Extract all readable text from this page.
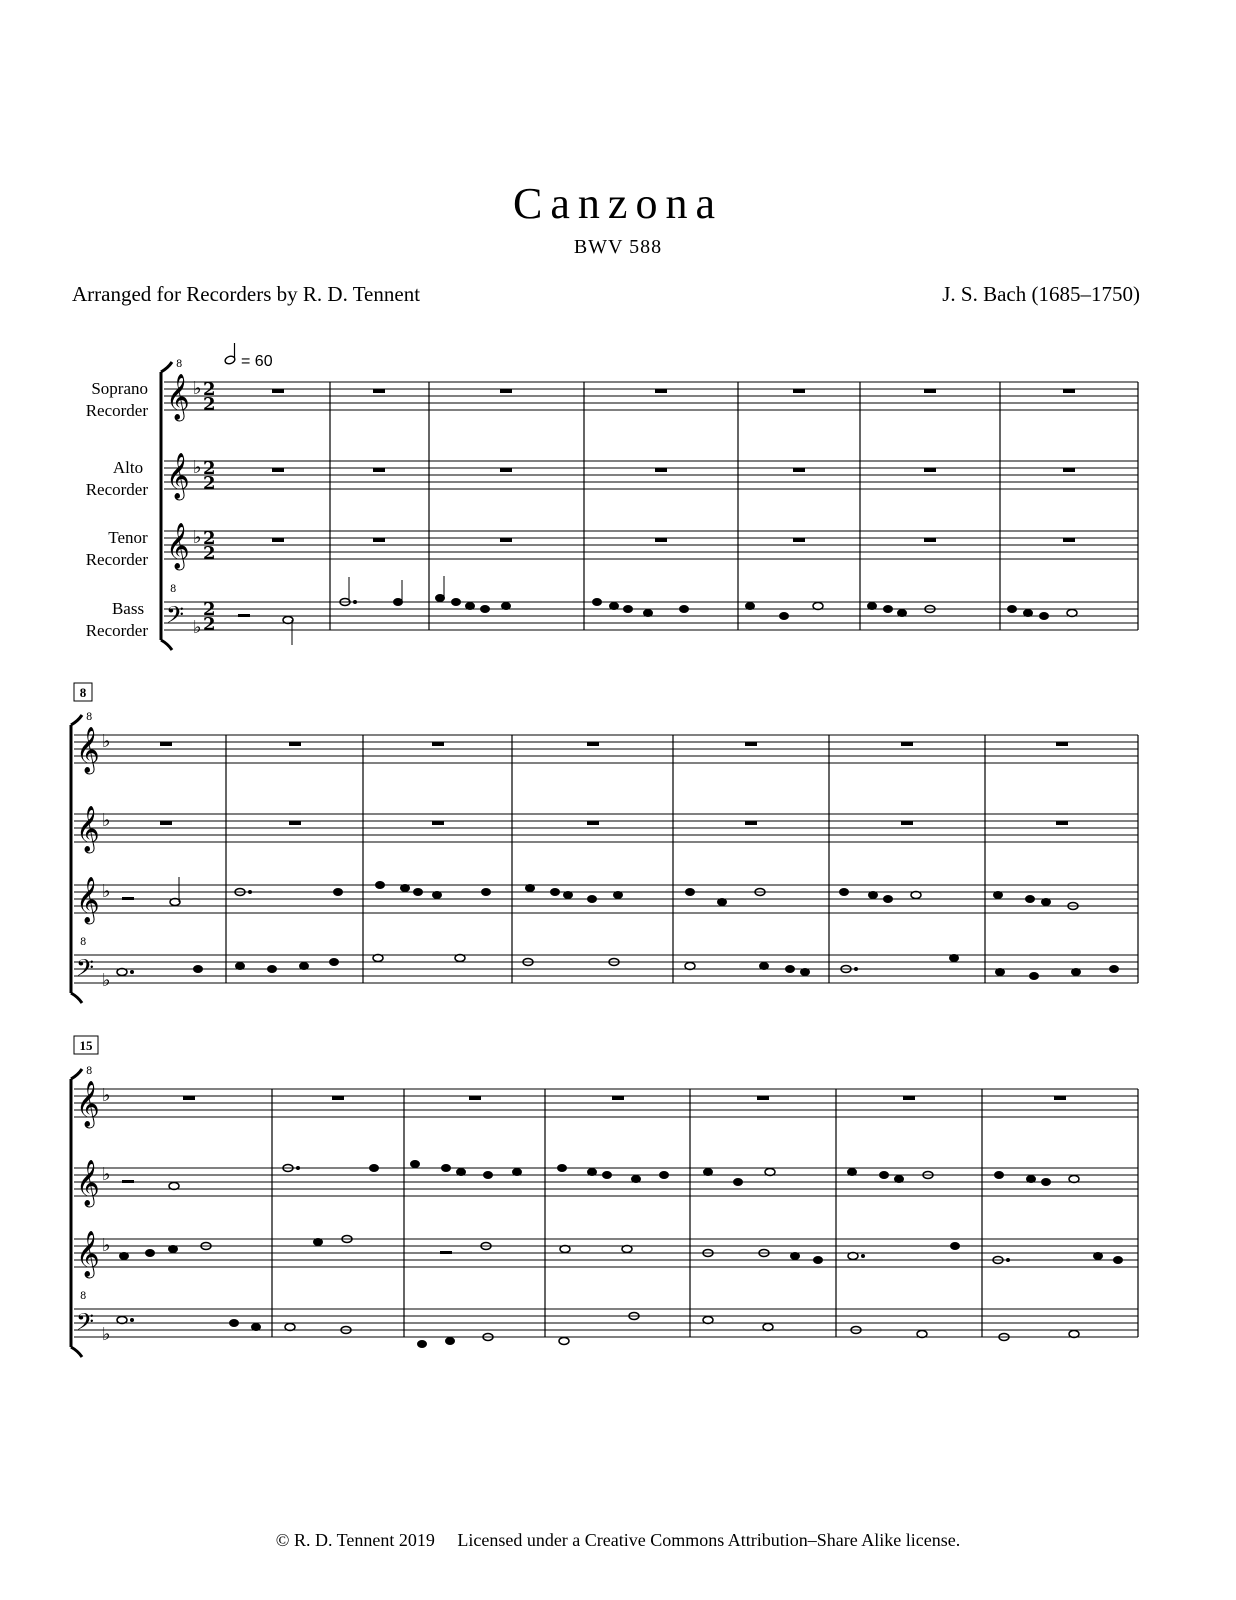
Canzona
BWV 588
Arranged for Recorders by R. D. Tennent	J. S. Bach (1685–1750)
= 60
Soprano
Recorder
Alto
Recorder
Tenor
Recorder
Bass
Recorder
𝄞
8
𝄞
𝄞
𝄢
8
♭
♭
♭
♭
2
2
2
2
2
2
2
2
8
𝄞
8
𝄞
𝄞
𝄢
8
♭
♭
♭
♭
15
𝄞
8
𝄞
𝄞
𝄢
8
♭
♭
♭
♭
© R. D. Tennent 2019 Licensed under a Creative Commons Attribution–Share Alike license.
